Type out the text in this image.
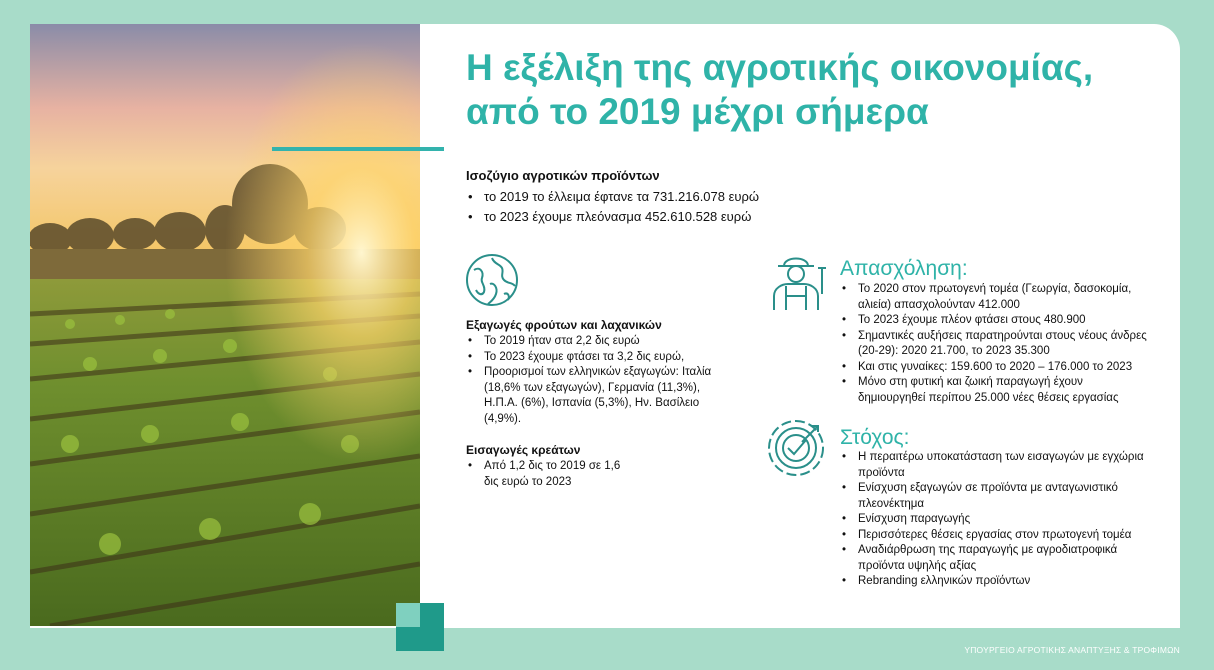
Η εξέλιξη της αγροτικής οικονομίας,
από το 2019 μέχρι σήμερα
Ισοζύγιο αγροτικών προϊόντων
• το 2019 το έλλειμα έφτανε τα 731.216.078 ευρώ
• το 2023 έχουμε πλεόνασμα 452.610.528 ευρώ
Εξαγωγές φρούτων και λαχανικών
• Το 2019 ήταν στα 2,2 δις ευρώ
• Το 2023 έχουμε φτάσει τα 3,2 δις ευρώ,
• Προορισμοί των ελληνικών εξαγωγών: Ιταλία (18,6% των εξαγωγών), Γερμανία (11,3%), Η.Π.Α. (6%), Ισπανία (5,3%), Ην. Βασίλειο (4,9%).
Εισαγωγές κρεάτων
• Από 1,2 δις το 2019 σε 1,6 δις ευρώ το 2023
Απασχόληση:
• Το 2020 στον πρωτογενή τομέα (Γεωργία, δασοκομία, αλιεία) απασχολούνταν 412.000
• Το 2023 έχουμε πλέον φτάσει στους 480.900
• Σημαντικές αυξήσεις παρατηρούνται στους νέους άνδρες (20-29): 2020 21.700, το 2023 35.300
• Και στις γυναίκες: 159.600 το 2020 – 176.000 το 2023
• Μόνο στη φυτική και ζωική παραγωγή έχουν δημιουργηθεί περίπου 25.000 νέες θέσεις εργασίας
Στόχος:
• Η περαιτέρω υποκατάσταση των εισαγωγών με εγχώρια προϊόντα
• Ενίσχυση εξαγωγών σε προϊόντα με ανταγωνιστικό πλεονέκτημα
• Ενίσχυση παραγωγής
• Περισσότερες θέσεις εργασίας στον πρωτογενή τομέα
• Αναδιάρθρωση της παραγωγής με αγροδιατροφικά προϊόντα υψηλής αξίας
• Rebranding ελληνικών προϊόντων
ΥΠΟΥΡΓΕΙΟ ΑΓΡΟΤΙΚΗΣ ΑΝΑΠΤΥΞΗΣ & ΤΡΟΦΙΜΩΝ
